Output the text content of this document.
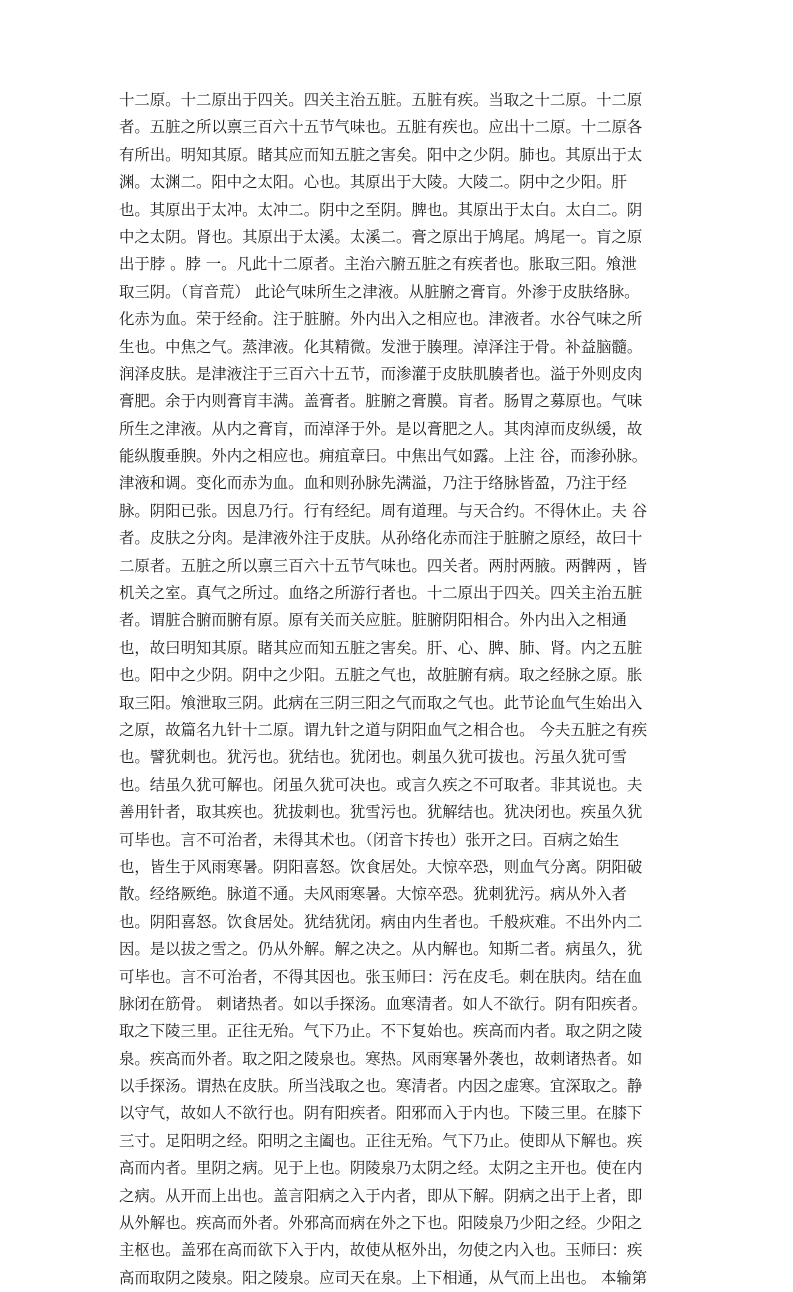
十二原。十二原出于四关。四关主治五脏。五脏有疾。当取之十二原。十二原
者。五脏之所以禀三百六十五节气味也。五脏有疾也。应出十二原。十二原各
有所出。明知其原。睹其应而知五脏之害矣。阳中之少阴。肺也。其原出于太
渊。太渊二。阳中之太阳。心也。其原出于大陵。大陵二。阴中之少阳。肝
也。其原出于太冲。太冲二。阴中之至阴。脾也。其原出于太白。太白二。阴
中之太阴。肾也。其原出于太溪。太溪二。膏之原出于鸠尾。鸠尾一。肓之原
出于脖 。脖 一。凡此十二原者。主治六腑五脏之有疾者也。胀取三阳。飧泄
取三阴。（肓音荒） 此论气味所生之津液。从脏腑之膏肓。外渗于皮肤络脉。
化赤为血。荣于经俞。注于脏腑。外内出入之相应也。津液者。水谷气味之所
生也。中焦之气。蒸津液。化其精微。发泄于腠理。淖泽注于骨。补益脑髓。
润泽皮肤。是津液注于三百六十五节，而渗灌于皮肤肌腠者也。溢于外则皮肉
膏肥。余于内则膏肓丰满。盖膏者。脏腑之膏膜。肓者。肠胃之募原也。气味
所生之津液。从内之膏肓，而淖泽于外。是以膏肥之人。其肉淖而皮纵缓，故
能纵腹垂腴。外内之相应也。痈疽章曰。中焦出气如露。上注 谷，而渗孙脉。
津液和调。变化而赤为血。血和则孙脉先满溢，乃注于络脉皆盈，乃注于经
脉。阴阳已张。因息乃行。行有经纪。周有道理。与天合约。不得休止。夫 谷
者。皮肤之分肉。是津液外注于皮肤。从孙络化赤而注于脏腑之原经，故曰十
二原者。五脏之所以禀三百六十五节气味也。四关者。两肘两腋。两髀两 ，皆
机关之室。真气之所过。血络之所游行者也。十二原出于四关。四关主治五脏
者。谓脏合腑而腑有原。原有关而关应脏。脏腑阴阳相合。外内出入之相通
也，故曰明知其原。睹其应而知五脏之害矣。肝、心、脾、肺、肾。内之五脏
也。阳中之少阴。阴中之少阳。五脏之气也，故脏腑有病。取之经脉之原。胀
取三阳。飧泄取三阴。此病在三阴三阳之气而取之气也。此节论血气生始出入
之原，故篇名九针十二原。谓九针之道与阴阳血气之相合也。 今夫五脏之有疾
也。譬犹刺也。犹污也。犹结也。犹闭也。刺虽久犹可拔也。污虽久犹可雪
也。结虽久犹可解也。闭虽久犹可决也。或言久疾之不可取者。非其说也。夫
善用针者，取其疾也。犹拔刺也。犹雪污也。犹解结也。犹决闭也。疾虽久犹
可毕也。言不可治者，未得其术也。（闭音卞抟也）张开之曰。百病之始生
也，皆生于风雨寒暑。阴阳喜怒。饮食居处。大惊卒恐，则血气分离。阴阳破
散。经络厥绝。脉道不通。夫风雨寒暑。大惊卒恐。犹刺犹污。病从外入者
也。阴阳喜怒。饮食居处。犹结犹闭。病由内生者也。千般疢难。不出外内二
因。是以拔之雪之。仍从外解。解之决之。从内解也。知斯二者。病虽久，犹
可毕也。言不可治者，不得其因也。张玉师曰：污在皮毛。刺在肤肉。结在血
脉闭在筋骨。 刺诸热者。如以手探汤。血寒清者。如人不欲行。阴有阳疾者。
取之下陵三里。正往无殆。气下乃止。不下复始也。疾高而内者。取之阴之陵
泉。疾高而外者。取之阳之陵泉也。寒热。风雨寒暑外袭也，故刺诸热者。如
以手探汤。谓热在皮肤。所当浅取之也。寒清者。内因之虚寒。宜深取之。静
以守气，故如人不欲行也。阴有阳疾者。阳邪而入于内也。下陵三里。在膝下
三寸。足阳明之经。阳明之主阖也。正往无殆。气下乃止。使即从下解也。疾
高而内者。里阴之病。见于上也。阴陵泉乃太阴之经。太阴之主开也。使在内
之病。从开而上出也。盖言阳病之入于内者，即从下解。阴病之出于上者，即
从外解也。疾高而外者。外邪高而病在外之下也。阳陵泉乃少阳之经。少阳之
主枢也。盖邪在高而欲下入于内，故使从枢外出，勿使之内入也。玉师曰：疾
高而取阴之陵泉。阳之陵泉。应司天在泉。上下相通，从气而上出也。 本输第
